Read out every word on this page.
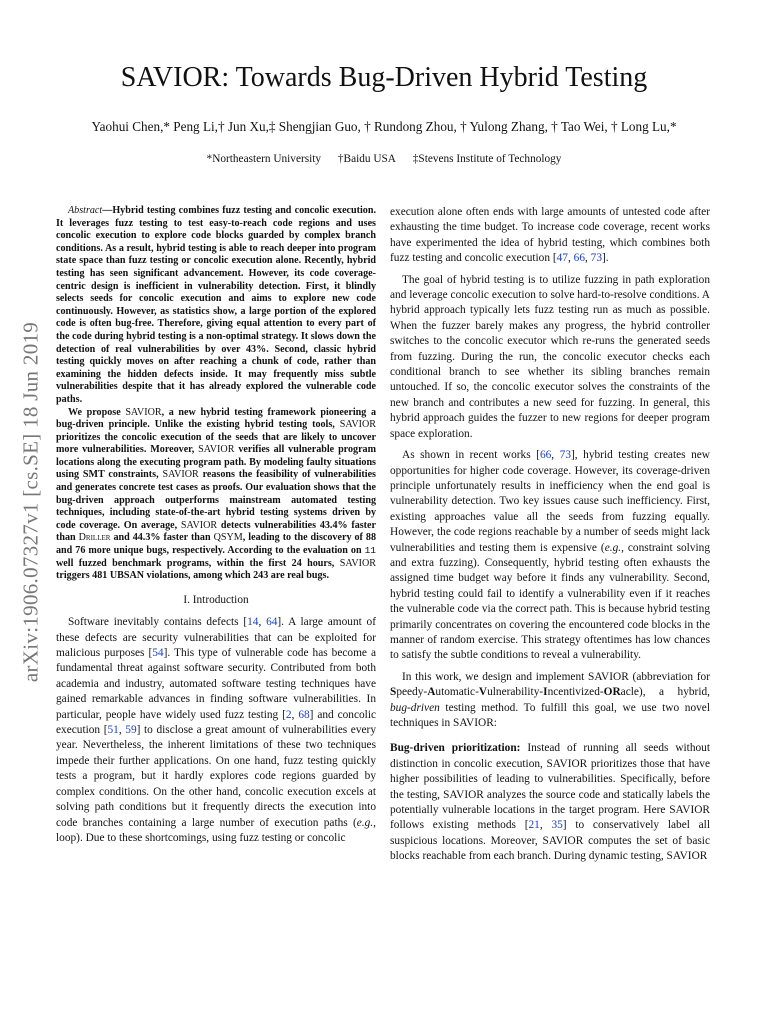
arXiv:1906.07327v1 [cs.SE] 18 Jun 2019
SAVIOR: Towards Bug-Driven Hybrid Testing

Yaohui Chen,* Peng Li,† Jun Xu,‡ Shengjian Guo, † Rundong Zhou, † Yulong Zhang, † Tao Wei, † Long Lu,*

*Northeastern University †Baidu USA ‡Stevens Institute of Technology

Abstract—Hybrid testing combines fuzz testing and concolic execution. It leverages fuzz testing to test easy-to-reach code regions and uses concolic execution to explore code blocks guarded by complex branch conditions. As a result, hybrid testing is able to reach deeper into program state space than fuzz testing or concolic execution alone. Recently, hybrid testing has seen significant advancement. However, its code coverage-centric design is inefficient in vulnerability detection. First, it blindly selects seeds for concolic execution and aims to explore new code continuously. However, as statistics show, a large portion of the explored code is often bug-free. Therefore, giving equal attention to every part of the code during hybrid testing is a non-optimal strategy. It slows down the detection of real vulnerabilities by over 43%. Second, classic hybrid testing quickly moves on after reaching a chunk of code, rather than examining the hidden defects inside. It may frequently miss subtle vulnerabilities despite that it has already explored the vulnerable code paths.

We propose SAVIOR, a new hybrid testing framework pioneering a bug-driven principle. Unlike the existing hybrid testing tools, SAVIOR prioritizes the concolic execution of the seeds that are likely to uncover more vulnerabilities. Moreover, SAVIOR verifies all vulnerable program locations along the executing program path. By modeling faulty situations using SMT constraints, SAVIOR reasons the feasibility of vulnerabilities and generates concrete test cases as proofs. Our evaluation shows that the bug-driven approach outperforms mainstream automated testing techniques, including state-of-the-art hybrid testing systems driven by code coverage. On average, SAVIOR detects vulnerabilities 43.4% faster than Driller and 44.3% faster than QSYM, leading to the discovery of 88 and 76 more unique bugs, respectively. According to the evaluation on 11 well fuzzed benchmark programs, within the first 24 hours, SAVIOR triggers 481 UBSAN violations, among which 243 are real bugs.

I. Introduction

Software inevitably contains defects [14, 64]. A large amount of these defects are security vulnerabilities that can be exploited for malicious purposes [54]. This type of vulnerable code has become a fundamental threat against software security. Contributed from both academia and industry, automated software testing techniques have gained remarkable advances in finding software vulnerabilities. In particular, people have widely used fuzz testing [2, 68] and concolic execution [51, 59] to disclose a great amount of vulnerabilities every year. Nevertheless, the inherent limitations of these two techniques impede their further applications. On one hand, fuzz testing quickly tests a program, but it hardly explores code regions guarded by complex conditions. On the other hand, concolic execution excels at solving path conditions but it frequently directs the execution into code branches containing a large number of execution paths (e.g., loop). Due to these shortcomings, using fuzz testing or concolic

execution alone often ends with large amounts of untested code after exhausting the time budget. To increase code coverage, recent works have experimented the idea of hybrid testing, which combines both fuzz testing and concolic execution [47, 66, 73].

The goal of hybrid testing is to utilize fuzzing in path exploration and leverage concolic execution to solve hard-to-resolve conditions. A hybrid approach typically lets fuzz testing run as much as possible. When the fuzzer barely makes any progress, the hybrid controller switches to the concolic executor which re-runs the generated seeds from fuzzing. During the run, the concolic executor checks each conditional branch to see whether its sibling branches remain untouched. If so, the concolic executor solves the constraints of the new branch and contributes a new seed for fuzzing. In general, this hybrid approach guides the fuzzer to new regions for deeper program space exploration.

As shown in recent works [66, 73], hybrid testing creates new opportunities for higher code coverage. However, its coverage-driven principle unfortunately results in inefficiency when the end goal is vulnerability detection. Two key issues cause such inefficiency. First, existing approaches value all the seeds from fuzzing equally. However, the code regions reachable by a number of seeds might lack vulnerabilities and testing them is expensive (e.g., constraint solving and extra fuzzing). Consequently, hybrid testing often exhausts the assigned time budget way before it finds any vulnerability. Second, hybrid testing could fail to identify a vulnerability even if it reaches the vulnerable code via the correct path. This is because hybrid testing primarily concentrates on covering the encountered code blocks in the manner of random exercise. This strategy oftentimes has low chances to satisfy the subtle conditions to reveal a vulnerability.

In this work, we design and implement SAVIOR (abbreviation for Speedy-Automatic-Vulnerability-Incentivized-ORacle), a hybrid, bug-driven testing method. To fulfill this goal, we use two novel techniques in SAVIOR:

Bug-driven prioritization: Instead of running all seeds without distinction in concolic execution, SAVIOR prioritizes those that have higher possibilities of leading to vulnerabilities. Specifically, before the testing, SAVIOR analyzes the source code and statically labels the potentially vulnerable locations in the target program. Here SAVIOR follows existing methods [21, 35] to conservatively label all suspicious locations. Moreover, SAVIOR computes the set of basic blocks reachable from each branch. During dynamic testing, SAVIOR
